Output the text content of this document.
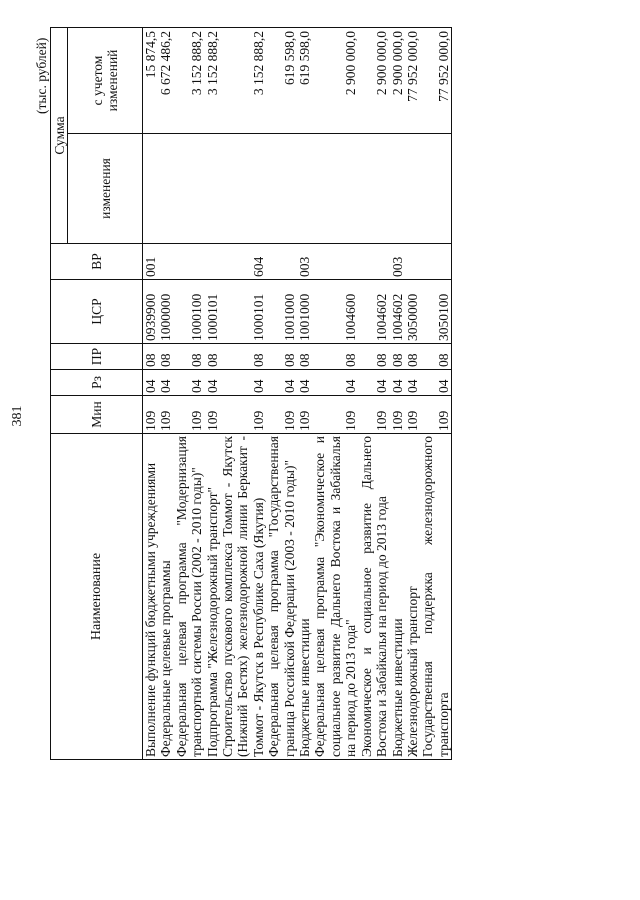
381
(тыс. рублей)
Наименование	Мин	Рз	ПР	ЦСР	ВР	Сумма	
						изменения	с учетом изменений
Выполнение функций бюджетными учреждениями	109	04	08	0939900	001		15 874,5
Федеральные целевые программы	109	04	08	1000000			6 672 486,2
Федеральная целевая программа "Модернизация транспортной системы России (2002 - 2010 годы)"	109	04	08	1000100			3 152 888,2
Подпрограмма "Железнодорожный транспорт"	109	04	08	1000101			3 152 888,2
Строительство пускового комплекса Томмот - Якутск (Нижний Бестях) железнодорожной линии Беркакит - Томмот - Якутск в Республике Саха (Якутия)	109	04	08	1000101	604		3 152 888,2
Федеральная целевая программа "Государственная граница Российской Федерации (2003 - 2010 годы)"	109	04	08	1001000			619 598,0
Бюджетные инвестиции	109	04	08	1001000	003		619 598,0
Федеральная целевая программа "Экономическое и социальное развитие Дальнего Востока и Забайкалья на период до 2013 года"	109	04	08	1004600			2 900 000,0
Экономическое и социальное развитие Дальнего Востока и Забайкалья на период до 2013 года	109	04	08	1004602			2 900 000,0
Бюджетные инвестиции	109	04	08	1004602	003		2 900 000,0
Железнодорожный транспорт	109	04	08	3050000			77 952 000,0
Государственная поддержка железнодорожного транспорта	109	04	08	3050100			77 952 000,0
